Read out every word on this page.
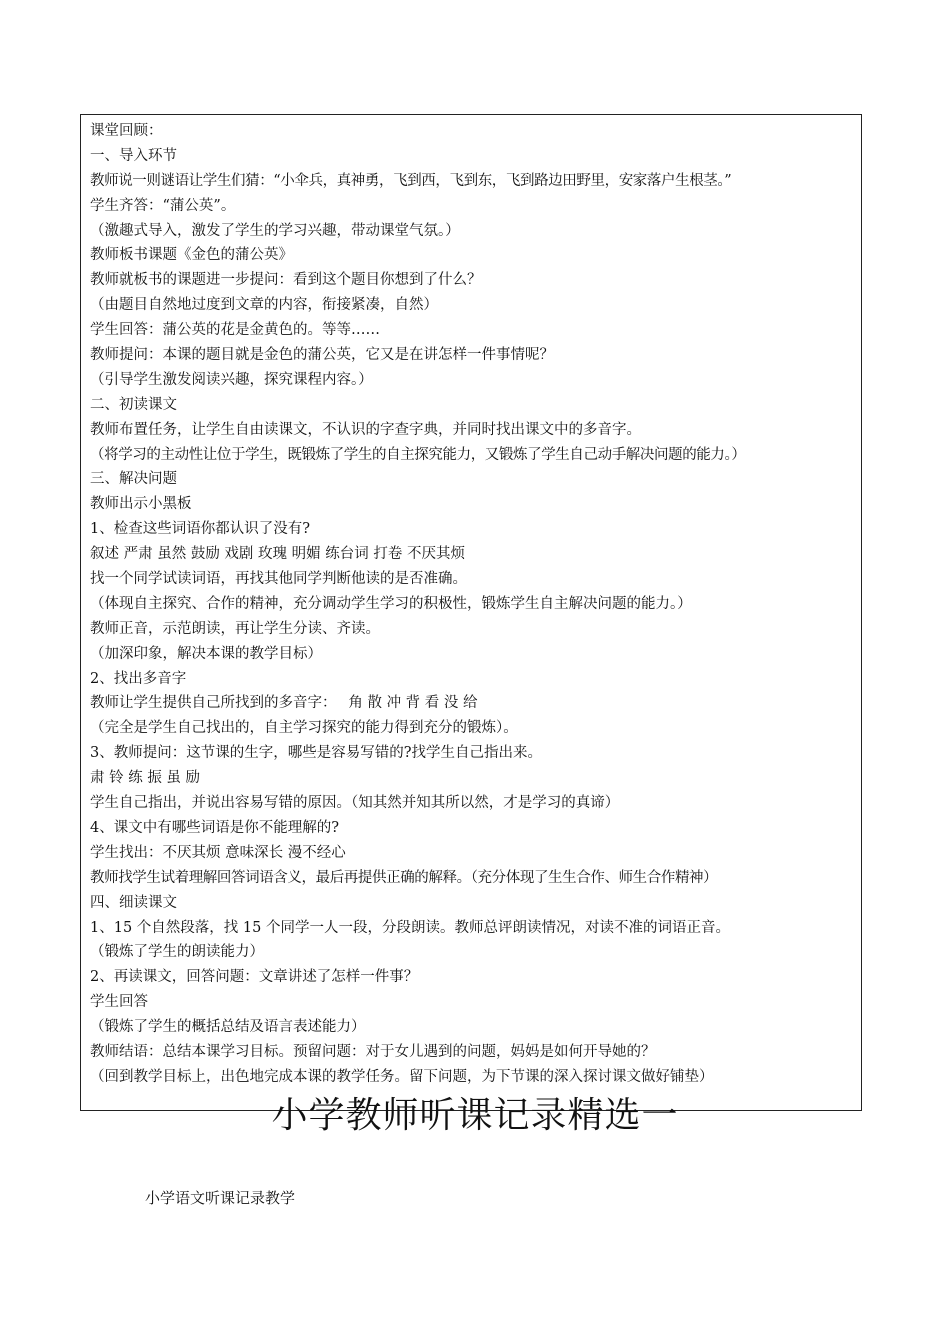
课堂回顾：
一、导入环节
教师说一则谜语让学生们猜：“小伞兵，真神勇，飞到西，飞到东，飞到路边田野里，安家落户生根茎。”
学生齐答：“蒲公英”。
（激趣式导入，激发了学生的学习兴趣，带动课堂气氛。）
教师板书课题《金色的蒲公英》
教师就板书的课题进一步提问：看到这个题目你想到了什么？
（由题目自然地过度到文章的内容，衔接紧凑，自然）
学生回答：蒲公英的花是金黄色的。等等……
教师提问：本课的题目就是金色的蒲公英，它又是在讲怎样一件事情呢？
（引导学生激发阅读兴趣，探究课程内容。）
二、初读课文
教师布置任务，让学生自由读课文，不认识的字查字典，并同时找出课文中的多音字。
（将学习的主动性让位于学生，既锻炼了学生的自主探究能力，又锻炼了学生自己动手解决问题的能力。）
三、解决问题
教师出示小黑板
1、检查这些词语你都认识了没有?
叙述 严肃 虽然 鼓励 戏剧 玫瑰 明媚 练台词 打卷 不厌其烦
找一个同学试读词语，再找其他同学判断他读的是否准确。
（体现自主探究、合作的精神，充分调动学生学习的积极性，锻炼学生自主解决问题的能力。）
教师正音，示范朗读，再让学生分读、齐读。
（加深印象，解决本课的教学目标）
2、找出多音字
教师让学生提供自己所找到的多音字：　 角 散 冲 背 看 没 给
（完全是学生自己找出的，自主学习探究的能力得到充分的锻炼）。
3、教师提问：这节课的生字，哪些是容易写错的?找学生自己指出来。
肃 铃 练 振 虽 励
学生自己指出，并说出容易写错的原因。（知其然并知其所以然，才是学习的真谛）
4、课文中有哪些词语是你不能理解的?
学生找出：不厌其烦 意味深长 漫不经心
教师找学生试着理解回答词语含义，最后再提供正确的解释。（充分体现了生生合作、师生合作精神）
四、细读课文
1、15 个自然段落，找 15 个同学一人一段，分段朗读。教师总评朗读情况，对读不准的词语正音。
（锻炼了学生的朗读能力）
2、再读课文，回答问题：文章讲述了怎样一件事？
学生回答
（锻炼了学生的概括总结及语言表述能力）
教师结语：总结本课学习目标。预留问题：对于女儿遇到的问题，妈妈是如何开导她的？
（回到教学目标上，出色地完成本课的教学任务。留下问题，为下节课的深入探讨课文做好铺垫）
小学教师听课记录精选一
小学语文听课记录教学
